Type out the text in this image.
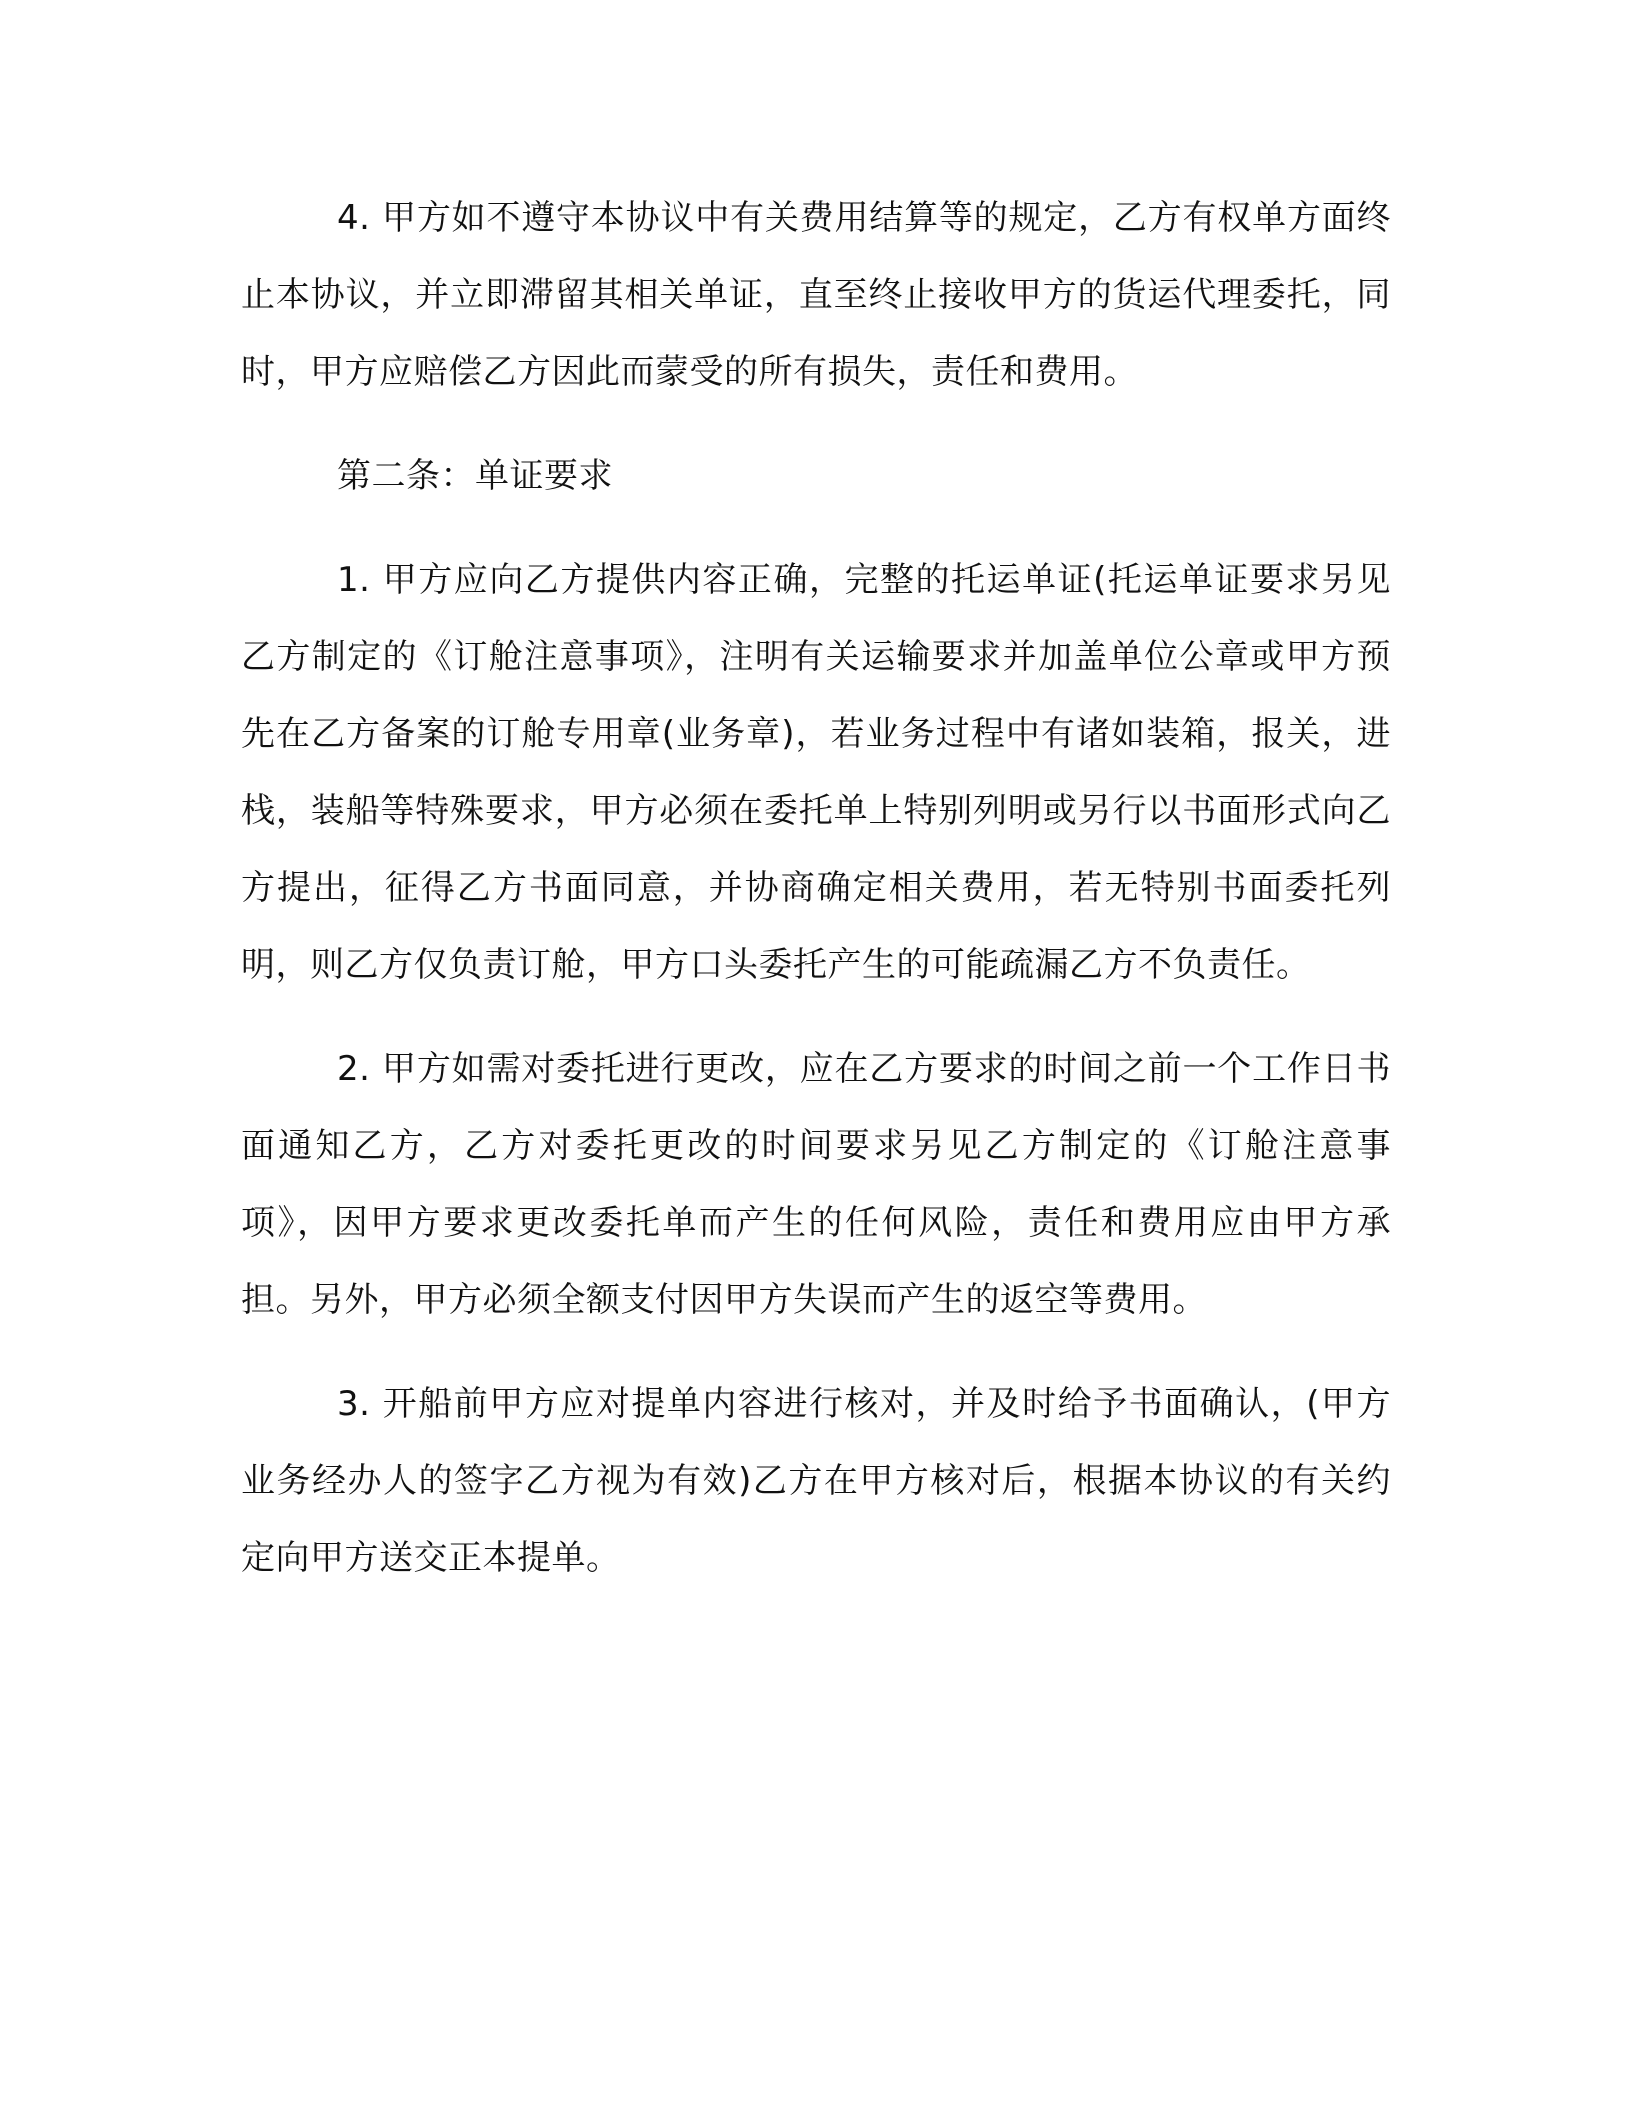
4. 甲方如不遵守本协议中有关费用结算等的规定，乙方有权单方面终止本协议，并立即滞留其相关单证，直至终止接收甲方的货运代理委托，同时，甲方应赔偿乙方因此而蒙受的所有损失，责任和费用。

第二条：单证要求

1. 甲方应向乙方提供内容正确，完整的托运单证(托运单证要求另见乙方制定的《订舱注意事项》，注明有关运输要求并加盖单位公章或甲方预先在乙方备案的订舱专用章(业务章)，若业务过程中有诸如装箱，报关，进栈，装船等特殊要求，甲方必须在委托单上特别列明或另行以书面形式向乙方提出，征得乙方书面同意，并协商确定相关费用，若无特别书面委托列明，则乙方仅负责订舱，甲方口头委托产生的可能疏漏乙方不负责任。

2. 甲方如需对委托进行更改，应在乙方要求的时间之前一个工作日书面通知乙方，乙方对委托更改的时间要求另见乙方制定的《订舱注意事项》，因甲方要求更改委托单而产生的任何风险，责任和费用应由甲方承担。另外，甲方必须全额支付因甲方失误而产生的返空等费用。

3. 开船前甲方应对提单内容进行核对，并及时给予书面确认，(甲方业务经办人的签字乙方视为有效)乙方在甲方核对后，根据本协议的有关约定向甲方送交正本提单。
